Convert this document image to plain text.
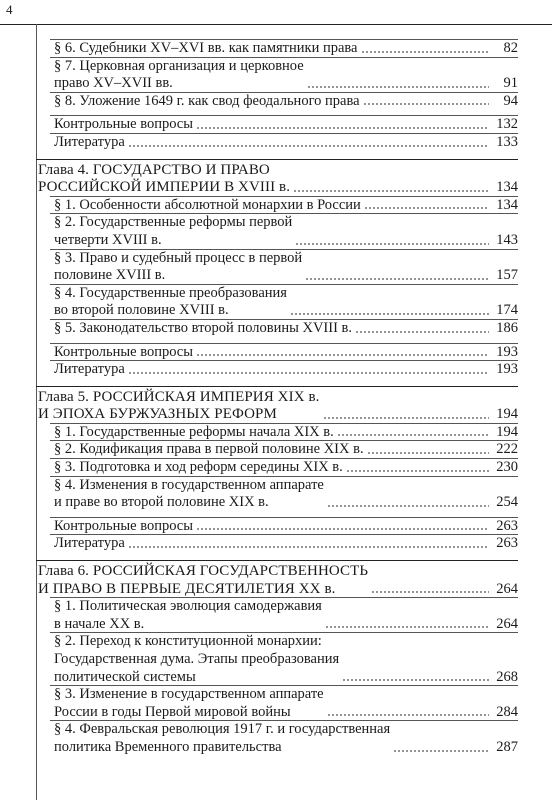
4
§ 6. Судебники XV–XVI вв. как памятники права	82
§ 7. Церковная организация и церковное
право XV–XVII вв.	91
§ 8. Уложение 1649 г. как свод феодального права	94
Контрольные вопросы	132
Литература	133
Глава 4. ГОСУДАРСТВО И ПРАВО
РОССИЙСКОЙ ИМПЕРИИ В XVIII в.	134
§ 1. Особенности абсолютной монархии в России	134
§ 2. Государственные реформы первой
четверти XVIII в.	143
§ 3. Право и судебный процесс в первой
половине XVIII в.	157
§ 4. Государственные преобразования
во второй половине XVIII в.	174
§ 5. Законодательство второй половины XVIII в.	186
Контрольные вопросы	193
Литература	193
Глава 5. РОССИЙСКАЯ ИМПЕРИЯ XIX в.
И ЭПОХА БУРЖУАЗНЫХ РЕФОРМ	194
§ 1. Государственные реформы начала XIX в.	194
§ 2. Кодификация права в первой половине XIX в.	222
§ 3. Подготовка и ход реформ середины XIX в.	230
§ 4. Изменения в государственном аппарате
и праве во второй половине XIX в.	254
Контрольные вопросы	263
Литература	263
Глава 6. РОССИЙСКАЯ ГОСУДАРСТВЕННОСТЬ
И ПРАВО В ПЕРВЫЕ ДЕСЯТИЛЕТИЯ XX в.	264
§ 1. Политическая эволюция самодержавия
в начале XX в.	264
§ 2. Переход к конституционной монархии:
Государственная дума. Этапы преобразования
политической системы	268
§ 3. Изменение в государственном аппарате
России в годы Первой мировой войны	284
§ 4. Февральская революция 1917 г. и государственная
политика Временного правительства	287
